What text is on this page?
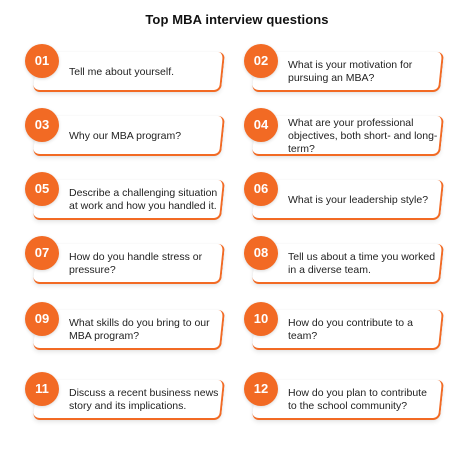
Top MBA interview questions
01
Tell me about yourself.
02	What is your motivation for pursuing an MBA?
03
Why our MBA program?
04	What are your professional objectives, both short- and long-term?
05	Describe a challenging situation at work and how you handled it.
06
What is your leadership style?
07	How do you handle stress or pressure?
08	Tell us about a time you worked in a diverse team.
09	What skills do you bring to our MBA program?
10	How do you contribute to a team?
11	Discuss a recent business news story and its implications.
12	How do you plan to contribute to the school community?
